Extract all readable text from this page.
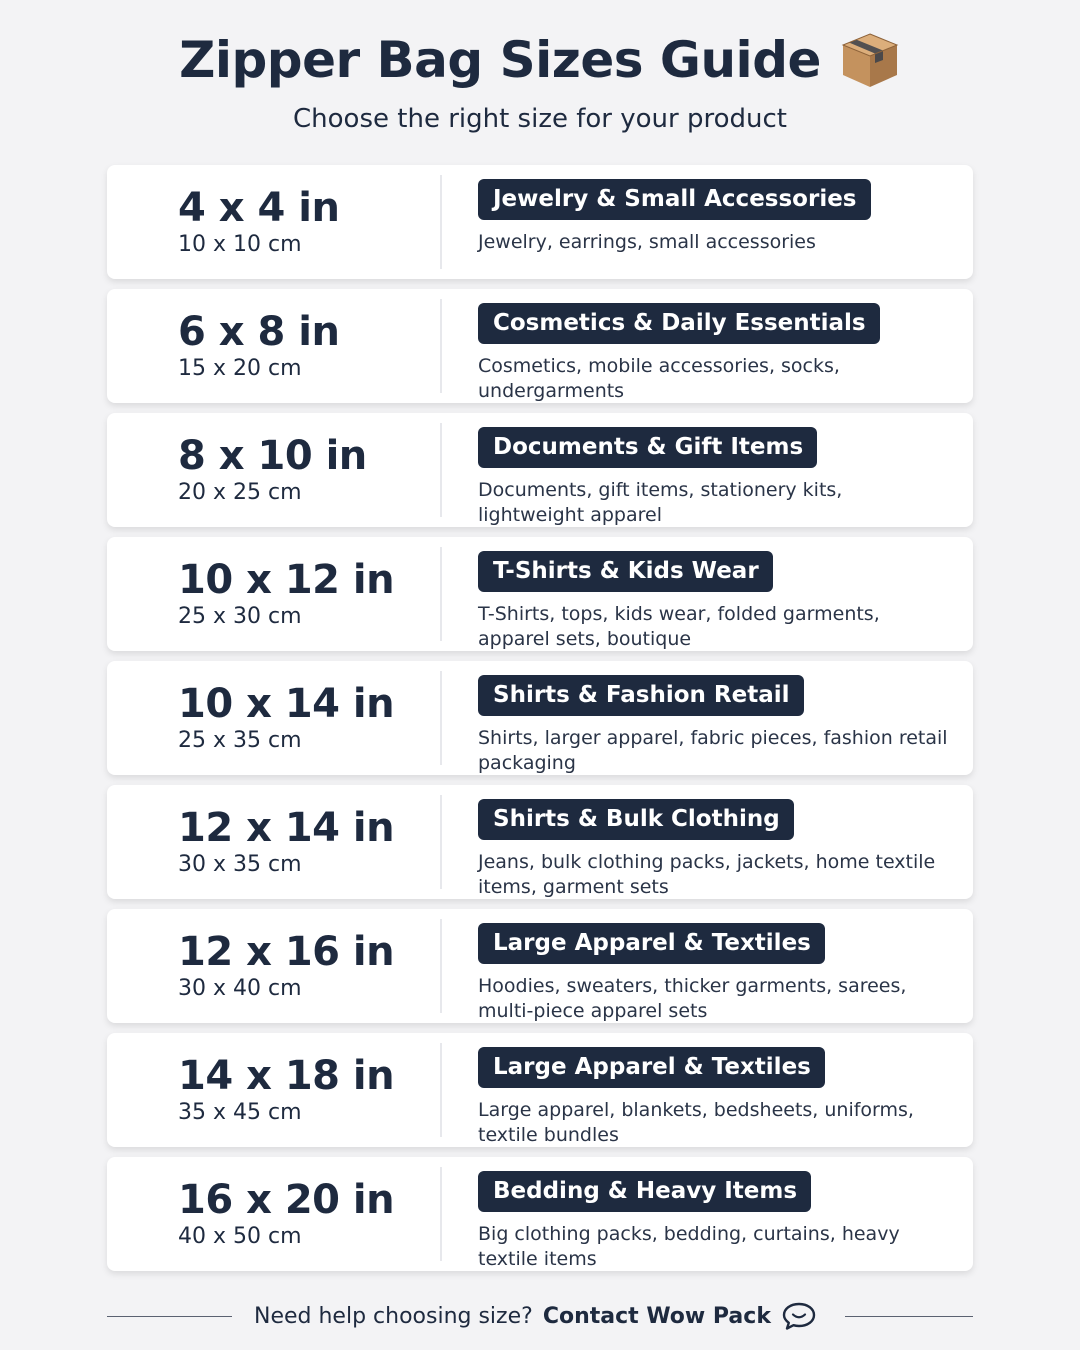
Zipper Bag Sizes Guide

Choose the right size for your product

4 x 4 in
10 x 10 cm
Jewelry & Small Accessories

Jewelry, earrings, small accessories

6 x 8 in
15 x 20 cm
Cosmetics & Daily Essentials

Cosmetics, mobile accessories, socks, undergarments

8 x 10 in
20 x 25 cm
Documents & Gift Items

Documents, gift items, stationery kits, lightweight apparel

10 x 12 in
25 x 30 cm
T-Shirts & Kids Wear

T-Shirts, tops, kids wear, folded garments, apparel sets, boutique

10 x 14 in
25 x 35 cm
Shirts & Fashion Retail

Shirts, larger apparel, fabric pieces, fashion retail packaging

12 x 14 in
30 x 35 cm
Shirts & Bulk Clothing

Jeans, bulk clothing packs, jackets, home textile items, garment sets

12 x 16 in
30 x 40 cm
Large Apparel & Textiles

Hoodies, sweaters, thicker garments, sarees, multi-piece apparel sets

14 x 18 in
35 x 45 cm
Large Apparel & Textiles

Large apparel, blankets, bedsheets, uniforms, textile bundles

16 x 20 in
40 x 50 cm
Bedding & Heavy Items

Big clothing packs, bedding, curtains, heavy textile items

Need help choosing size? Contact Wow Pack
